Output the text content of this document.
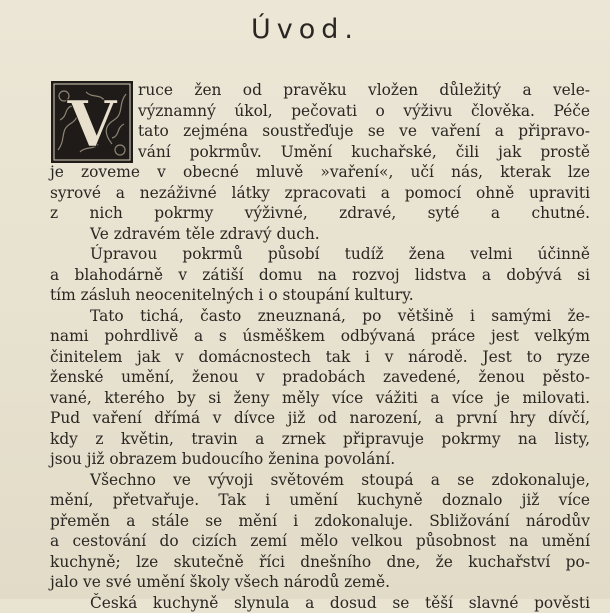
Úvod.
V	ruce žen od pravěku vložen důležitý a vele-
významný úkol, pečovati o výživu člověka. Péče
tato zejména soustřeďuje se ve vaření a připravo-
vání pokrmův. Umění kuchařské, čili jak prostě
je zoveme v obecné mluvě »vaření«, učí nás, kterak lze
syrové a nezáživné látky zpracovati a pomocí ohně upraviti
z nich pokrmy výživné, zdravé, syté a chutné.
Ve zdravém těle zdravý duch.
Úpravou pokrmů působí tudíž žena velmi účinně
a blahodárně v zátiší domu na rozvoj lidstva a dobývá si
tím zásluh neocenitelných i o stoupání kultury.
Tato tichá, často zneuznaná, po většině i samými že-
nami pohrdlivě a s úsměškem odbývaná práce jest velkým
činitelem jak v domácnostech tak i v národě. Jest to ryze
ženské umění, ženou v pradobách zavedené, ženou pěsto-
vané, kterého by si ženy měly více vážiti a více je milovati.
Pud vaření dřímá v dívce již od narození, a první hry dívčí,
kdy z květin, travin a zrnek připravuje pokrmy na listy,
jsou již obrazem budoucího ženina povolání.
Všechno ve vývoji světovém stoupá a se zdokonaluje,
mění, přetvařuje. Tak i umění kuchyně doznalo již více
přeměn a stále se mění i zdokonaluje. Sbližování národův
a cestování do cizích zemí mělo velkou působnost na umění
kuchyně; lze skutečně říci dnešního dne, že kuchařství po-
jalo ve své umění školy všech národů země.
Česká kuchyně slynula a dosud se těší slavné pověsti
